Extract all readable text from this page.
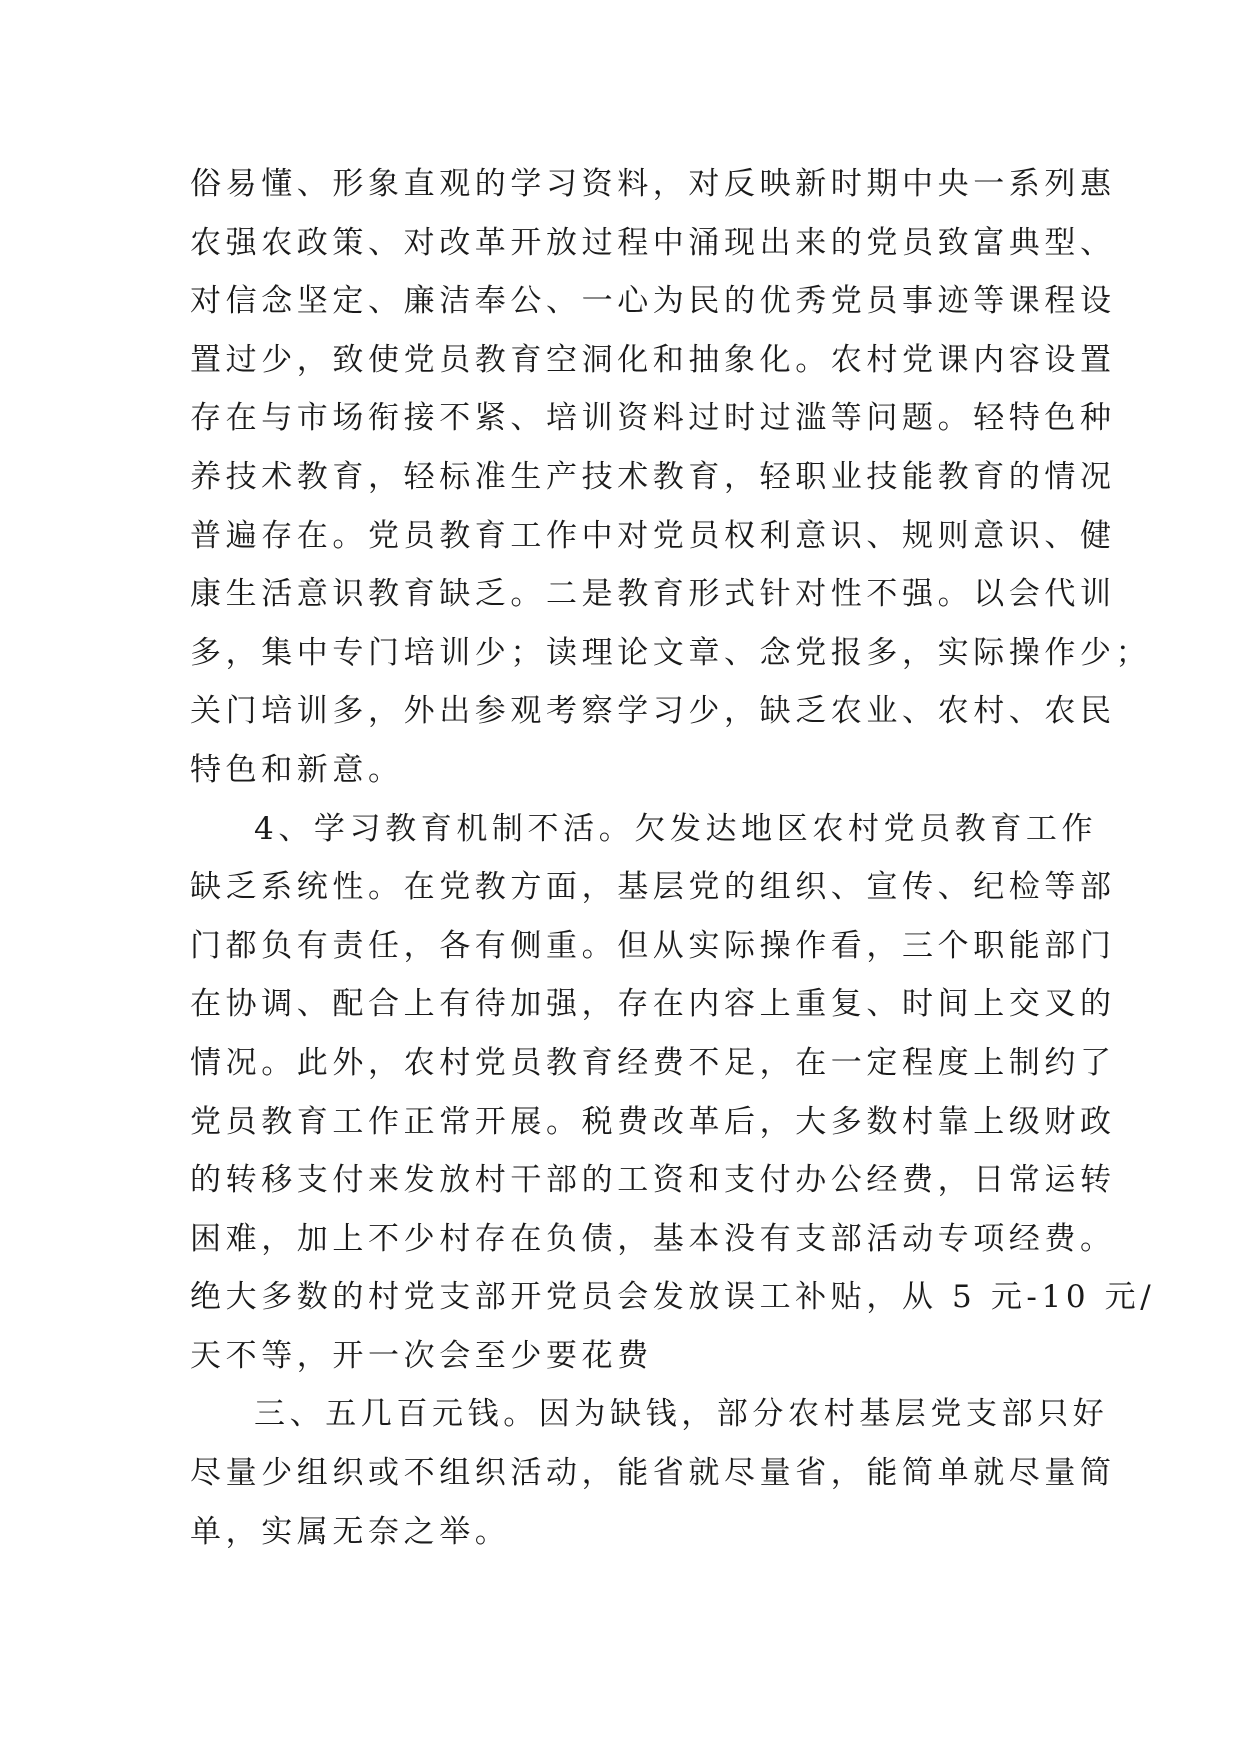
俗易懂、形象直观的学习资料，对反映新时期中央一系列惠
农强农政策、对改革开放过程中涌现出来的党员致富典型、
对信念坚定、廉洁奉公、一心为民的优秀党员事迹等课程设
置过少，致使党员教育空洞化和抽象化。农村党课内容设置
存在与市场衔接不紧、培训资料过时过滥等问题。轻特色种
养技术教育，轻标准生产技术教育，轻职业技能教育的情况
普遍存在。党员教育工作中对党员权利意识、规则意识、健
康生活意识教育缺乏。二是教育形式针对性不强。以会代训
多，集中专门培训少；读理论文章、念党报多，实际操作少；
关门培训多，外出参观考察学习少，缺乏农业、农村、农民
特色和新意。
4、学习教育机制不活。欠发达地区农村党员教育工作
缺乏系统性。在党教方面，基层党的组织、宣传、纪检等部
门都负有责任，各有侧重。但从实际操作看，三个职能部门
在协调、配合上有待加强，存在内容上重复、时间上交叉的
情况。此外，农村党员教育经费不足，在一定程度上制约了
党员教育工作正常开展。税费改革后，大多数村靠上级财政
的转移支付来发放村干部的工资和支付办公经费，日常运转
困难，加上不少村存在负债，基本没有支部活动专项经费。
绝大多数的村党支部开党员会发放误工补贴，从 5 元-10 元/
天不等，开一次会至少要花费
三、五几百元钱。因为缺钱，部分农村基层党支部只好
尽量少组织或不组织活动，能省就尽量省，能简单就尽量简
单，实属无奈之举。
